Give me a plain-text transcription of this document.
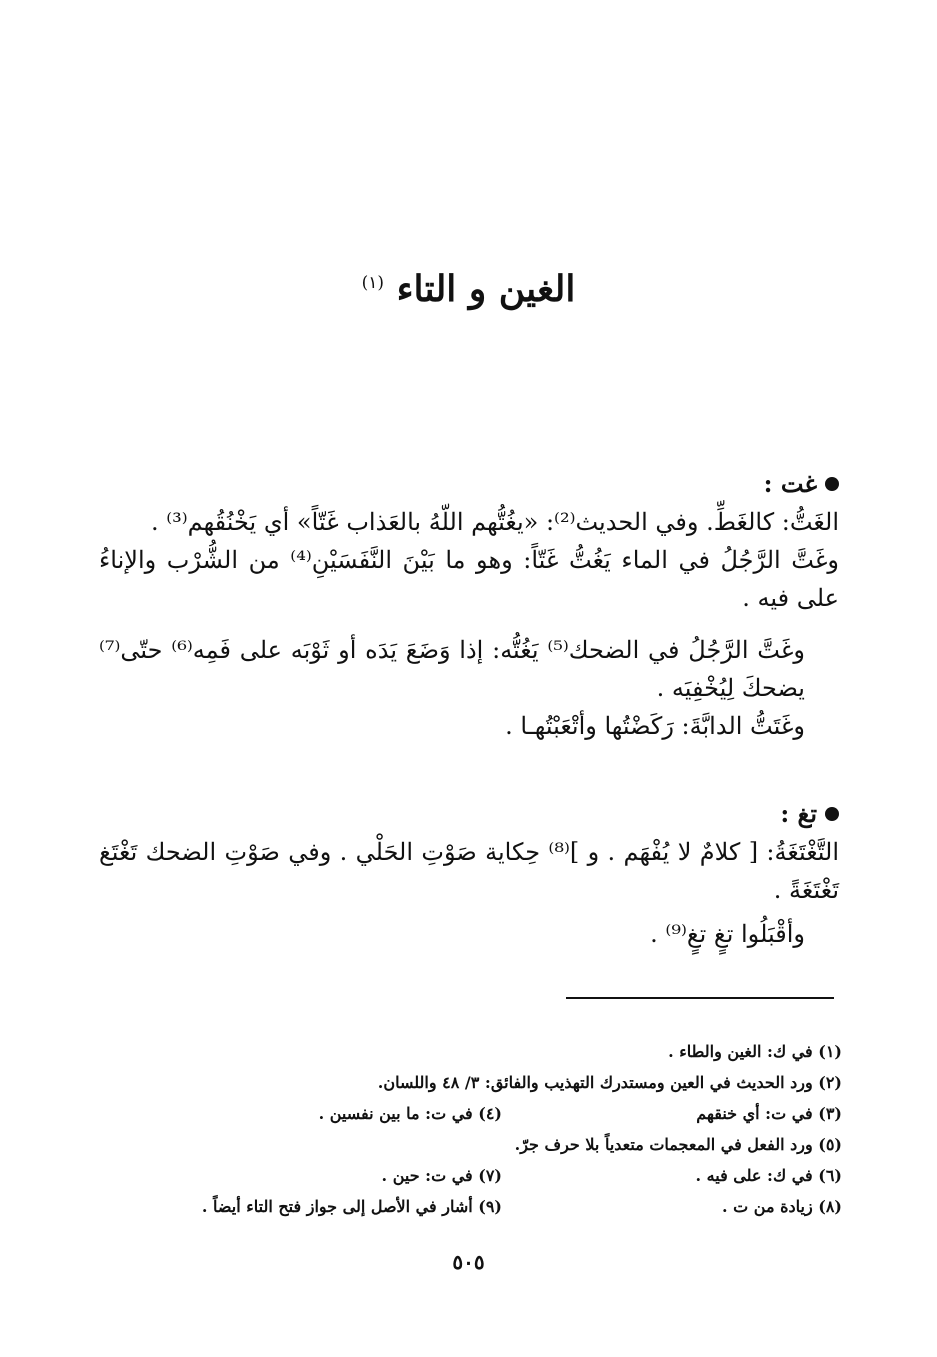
الغين و التاء $^{(١)}$
غت :

الغَتُّ: كالغَطِّ. وفي الحديث⁽²⁾: «يغُتُّهم اللّهُ بالعَذاب غَتّاً» أي يَخْنُقُهم⁽³⁾ .

وغَتَّ الرَّجُلُ في الماء يَغُتُّ غَتّاً: وهو ما بَيْنَ النَّفَسَيْنِ⁽⁴⁾ من الشُّرْب والإناءُ على فيه .

وغَتَّ الرَّجُلُ في الضحك⁽⁵⁾ يَغُتُّه: إذا وَضَعَ يَدَه أو ثَوْبَه على فَمِه⁽⁶⁾ حتّى⁽⁷⁾ يضحكَ لِيُخْفِيَه .

وغَتَتُّ الدابَّةَ: رَكَضْتُها وأتْعَبْتُهـا .

تغ :

التَّغْتَغَةُ: [ كلامٌ لا يُفْهَم . و ]⁽⁸⁾ حِكاية صَوْتِ الحَلْي . وفي صَوْتِ الضحك تَغْتَغ تَغْتَغَةً .

وأقْبَلُوا تغٍ تغٍ⁽⁹⁾ .

(١) في ك: الغين والطاء .
(٢) ورد الحديث في العين ومستدرك التهذيب والفائق: ٣/ ٤٨ واللسان.
(٣) في ت: أي خنقهم
(٤) في ت: ما بين نفسين .
(٥) ورد الفعل في المعجمات متعدياً بلا حرف جرّ.
(٦) في ك: على فيه .
(٧) في ت: حين .
(٨) زيادة من ت .
(٩) أشار في الأصل إلى جواز فتح التاء أيضاً .
٥٠٥
